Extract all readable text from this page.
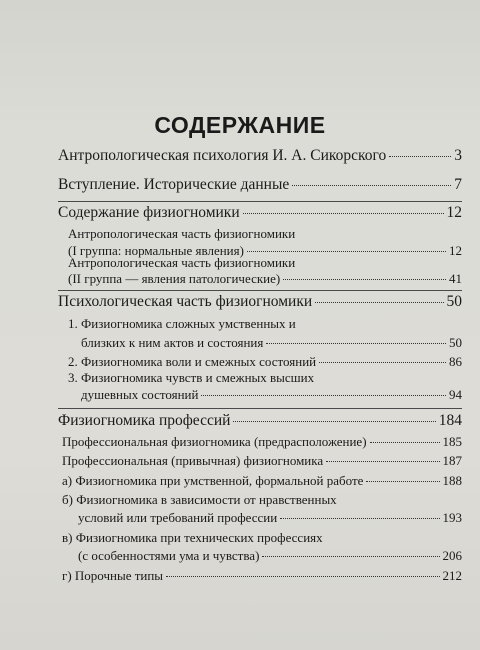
СОДЕРЖАНИЕ
Антропологическая психология И. А. Сикорского	3
Вступление. Исторические данные	7
Содержание физиогномики	12
Антропологическая часть физиогномики
(I группа: нормальные явления)	12
Антропологическая часть физиогномики
(II группа — явления патологические)	41
Психологическая часть физиогномики	50
1. Физиогномика сложных умственных и
близких к ним актов и состояния	50
2. Физиогномика воли и смежных состояний	86
3. Физиогномика чувств и смежных высших
душевных состояний	94
Физиогномика профессий	184
Профессиональная физиогномика (предрасположение)	185
Профессиональная (привычная) физиогномика	187
а) Физиогномика при умственной, формальной работе	188
б) Физиогномика в зависимости от нравственных
условий или требований профессии	193
в) Физиогномика при технических профессиях
(с особенностями ума и чувства)	206
г) Порочные типы	212
